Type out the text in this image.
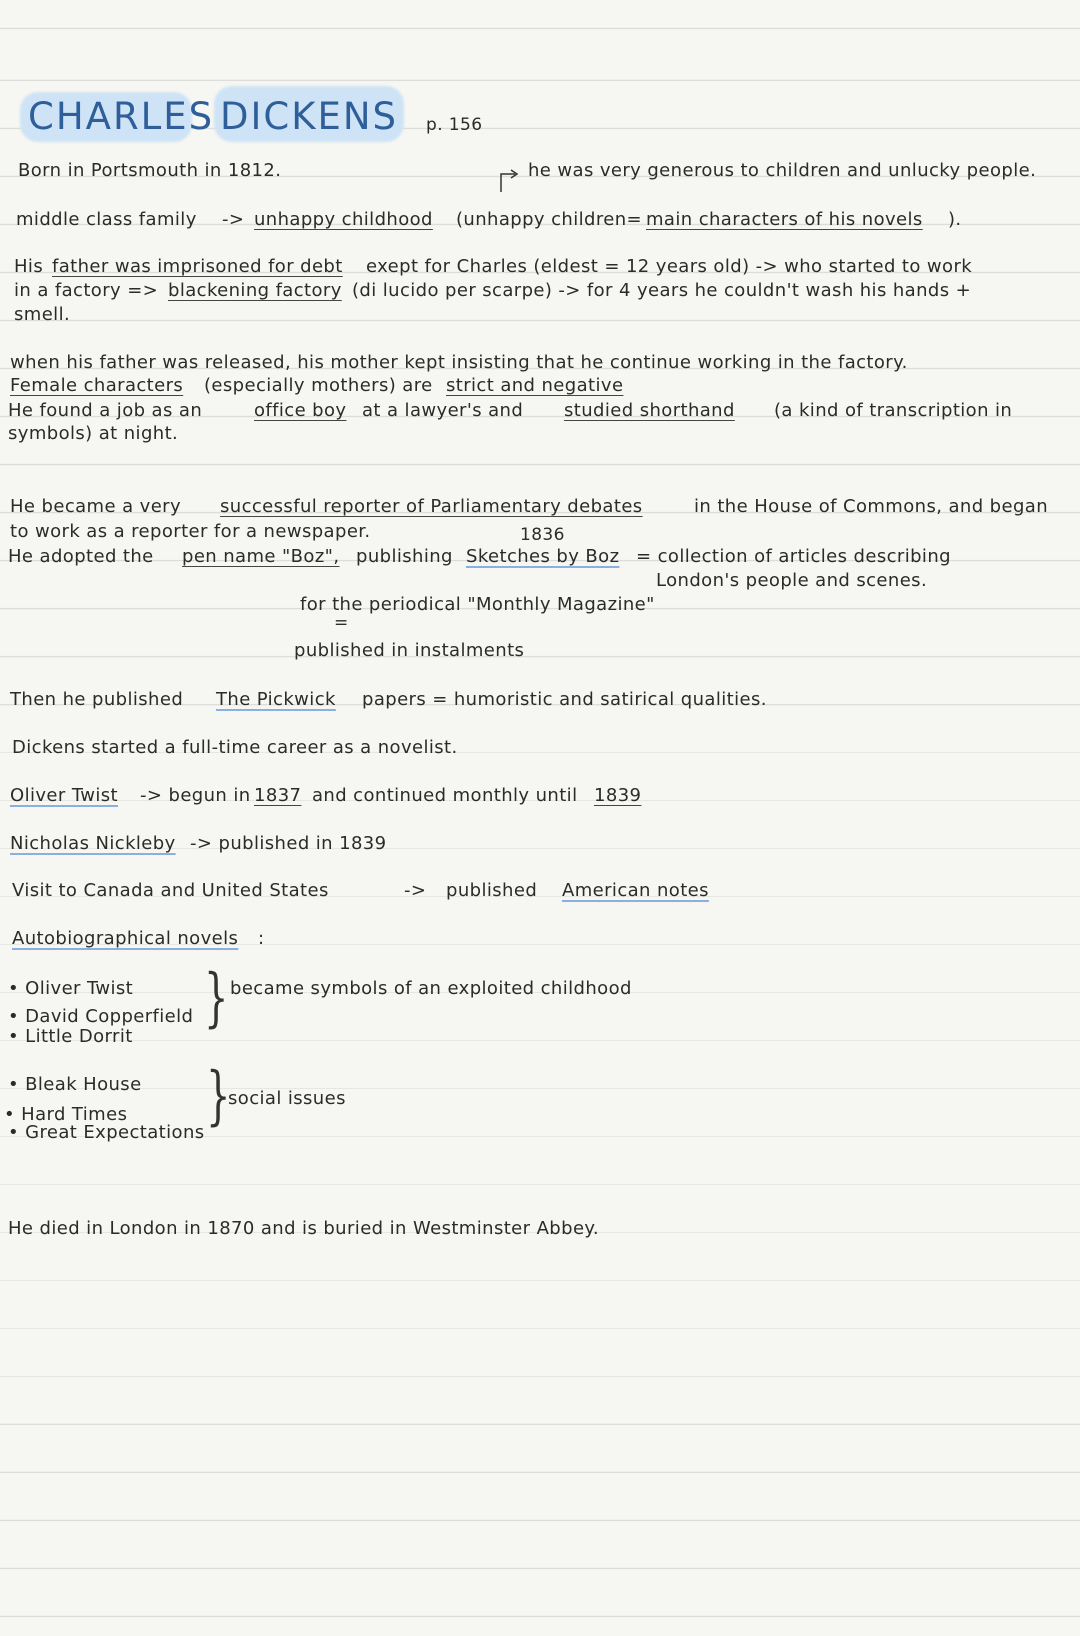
CHARLES DICKENS p. 156
Born in Portsmouth in 1812.	he was very generous to children and unlucky people.
middle class family -> unhappy childhood (unhappy children= main characters of his novels ).
His father was imprisoned for debt exept for Charles (eldest = 12 years old) -> who started to work
in a factory => blackening factory (di lucido per scarpe) -> for 4 years he couldn't wash his hands +
smell.
when his father was released, his mother kept insisting that he continue working in the factory.
Female characters (especially mothers) are strict and negative
He found a job as an	office boy at a lawyer's and studied shorthand (a kind of transcription in
symbols) at night.
He became a very successful reporter of Parliamentary debates	in the House of Commons, and began
to work as a reporter for a newspaper.	1836
He adopted the pen name "Boz", publishing Sketches by Boz = collection of articles describing
London's people and scenes.
for the periodical "Monthly Magazine"
=
published in instalments
Then he published The Pickwick papers = humoristic and satirical qualities.
Dickens started a full-time career as a novelist.
Oliver Twist -> begun in 1837 and continued monthly until 1839
Nicholas Nickleby -> published in 1839
Visit to Canada and United States	-> published American notes
Autobiographical novels :
• Oliver Twist
• David Copperfield
• Little Dorrit
} became symbols of an exploited childhood
• Bleak House
• Hard Times
• Great Expectations }
social issues
He died in London in 1870 and is buried in Westminster Abbey.
